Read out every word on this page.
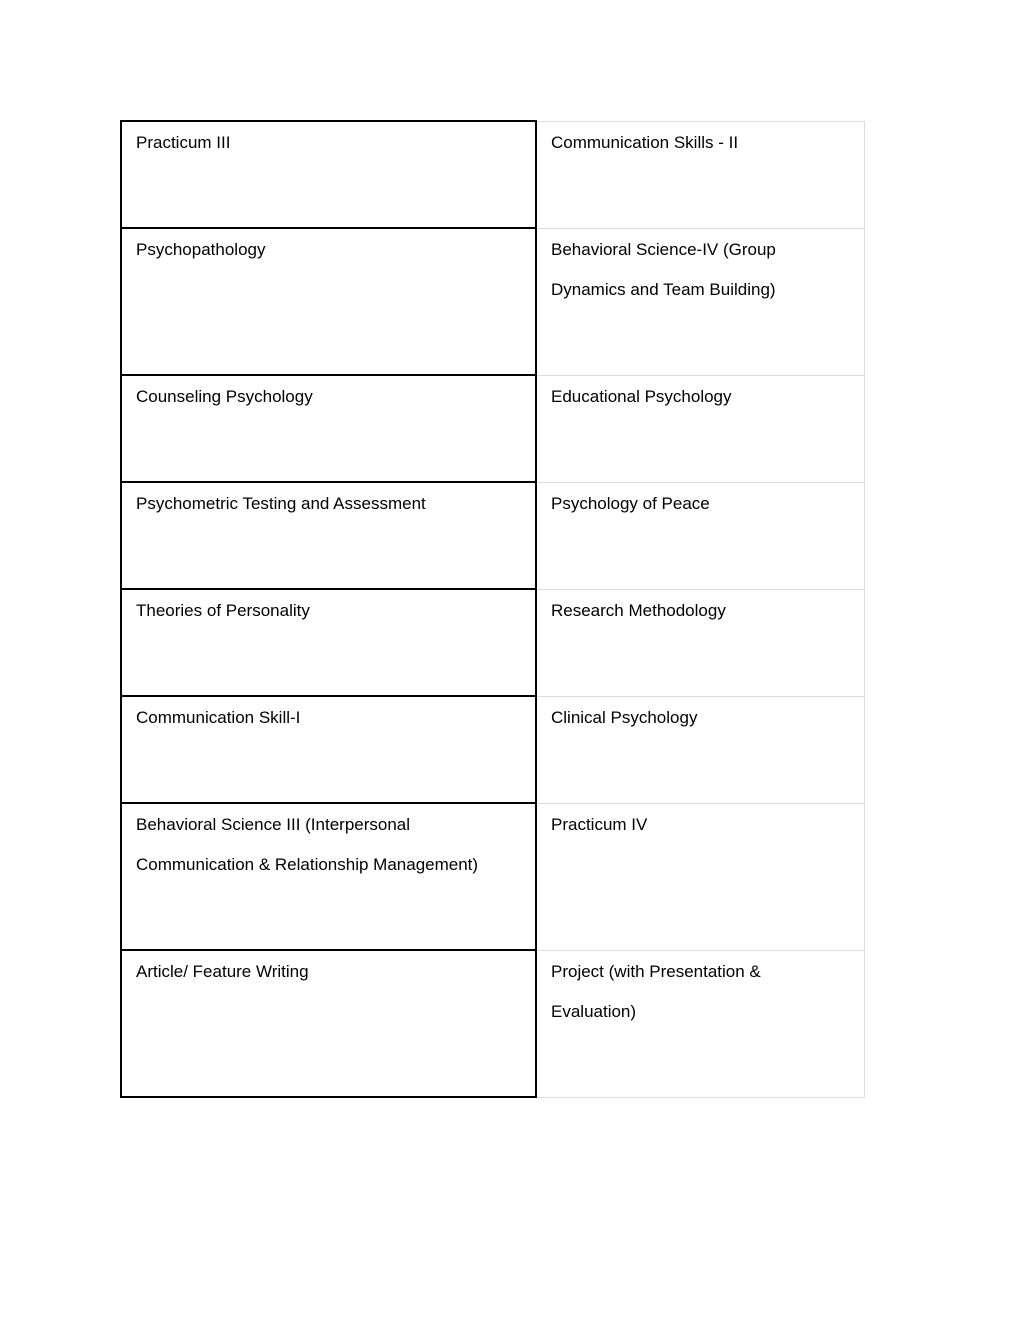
Practicum III	Communication Skills - II

Psychopathology	Behavioral Science-IV (Group Dynamics and Team Building)

Counseling Psychology	Educational Psychology

Psychometric Testing and Assessment	Psychology of Peace

Theories of Personality	Research Methodology

Communication Skill-I	Clinical Psychology

Behavioral Science III (Interpersonal Communication & Relationship Management)	Practicum IV

Article/ Feature Writing	Project (with Presentation & Evaluation)
